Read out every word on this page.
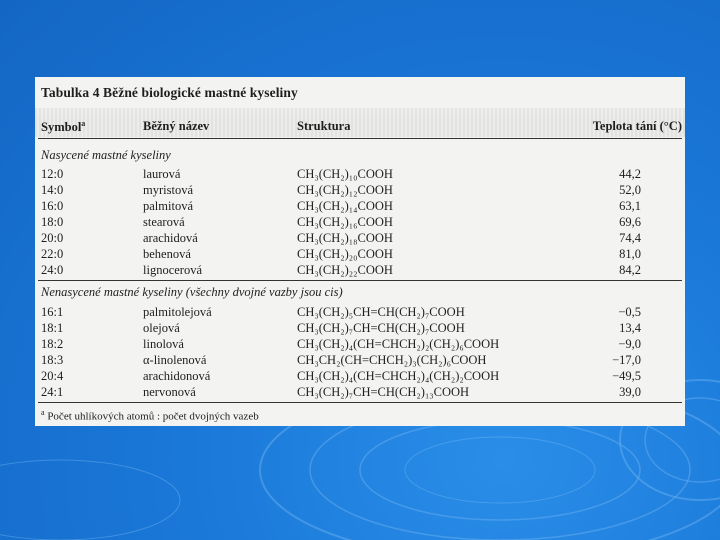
Tabulka 4 Běžné biologické mastné kyseliny
Symbol$^a$	Běžný název	Struktura	Teplota tání (°C)
Nasycené mastné kyseliny
12:0	laurová	CH₃(CH₂)₁₀COOH	44,2
14:0	myristová	CH₃(CH₂)₁₂COOH	52,0
16:0	palmitová	CH₃(CH₂)₁₄COOH	63,1
18:0	stearová	CH₃(CH₂)₁₆COOH	69,6
20:0	arachidová	CH₃(CH₂)₁₈COOH	74,4
22:0	behenová	CH₃(CH₂)₂₀COOH	81,0
24:0	lignocerová	CH₃(CH₂)₂₂COOH	84,2
Nenasycené mastné kyseliny (všechny dvojné vazby jsou cis)
16:1	palmitolejová	CH₃(CH₂)₅CH=CH(CH₂)₇COOH	−0,5
18:1	olejová	CH₃(CH₂)₇CH=CH(CH₂)₇COOH	13,4
18:2	linolová	CH₃(CH₂)₄(CH=CHCH₂)₂(CH₂)₆COOH	−9,0
18:3	α-linolenová	CH₃CH₂(CH=CHCH₂)₃(CH₂)₆COOH	−17,0
20:4	arachidonová	CH₃(CH₂)₄(CH=CHCH₂)₄(CH₂)₂COOH	−49,5
24:1	nervonová	CH₃(CH₂)₇CH=CH(CH₂)₁₃COOH	39,0
$^a$ Počet uhlíkových atomů : počet dvojných vazeb
